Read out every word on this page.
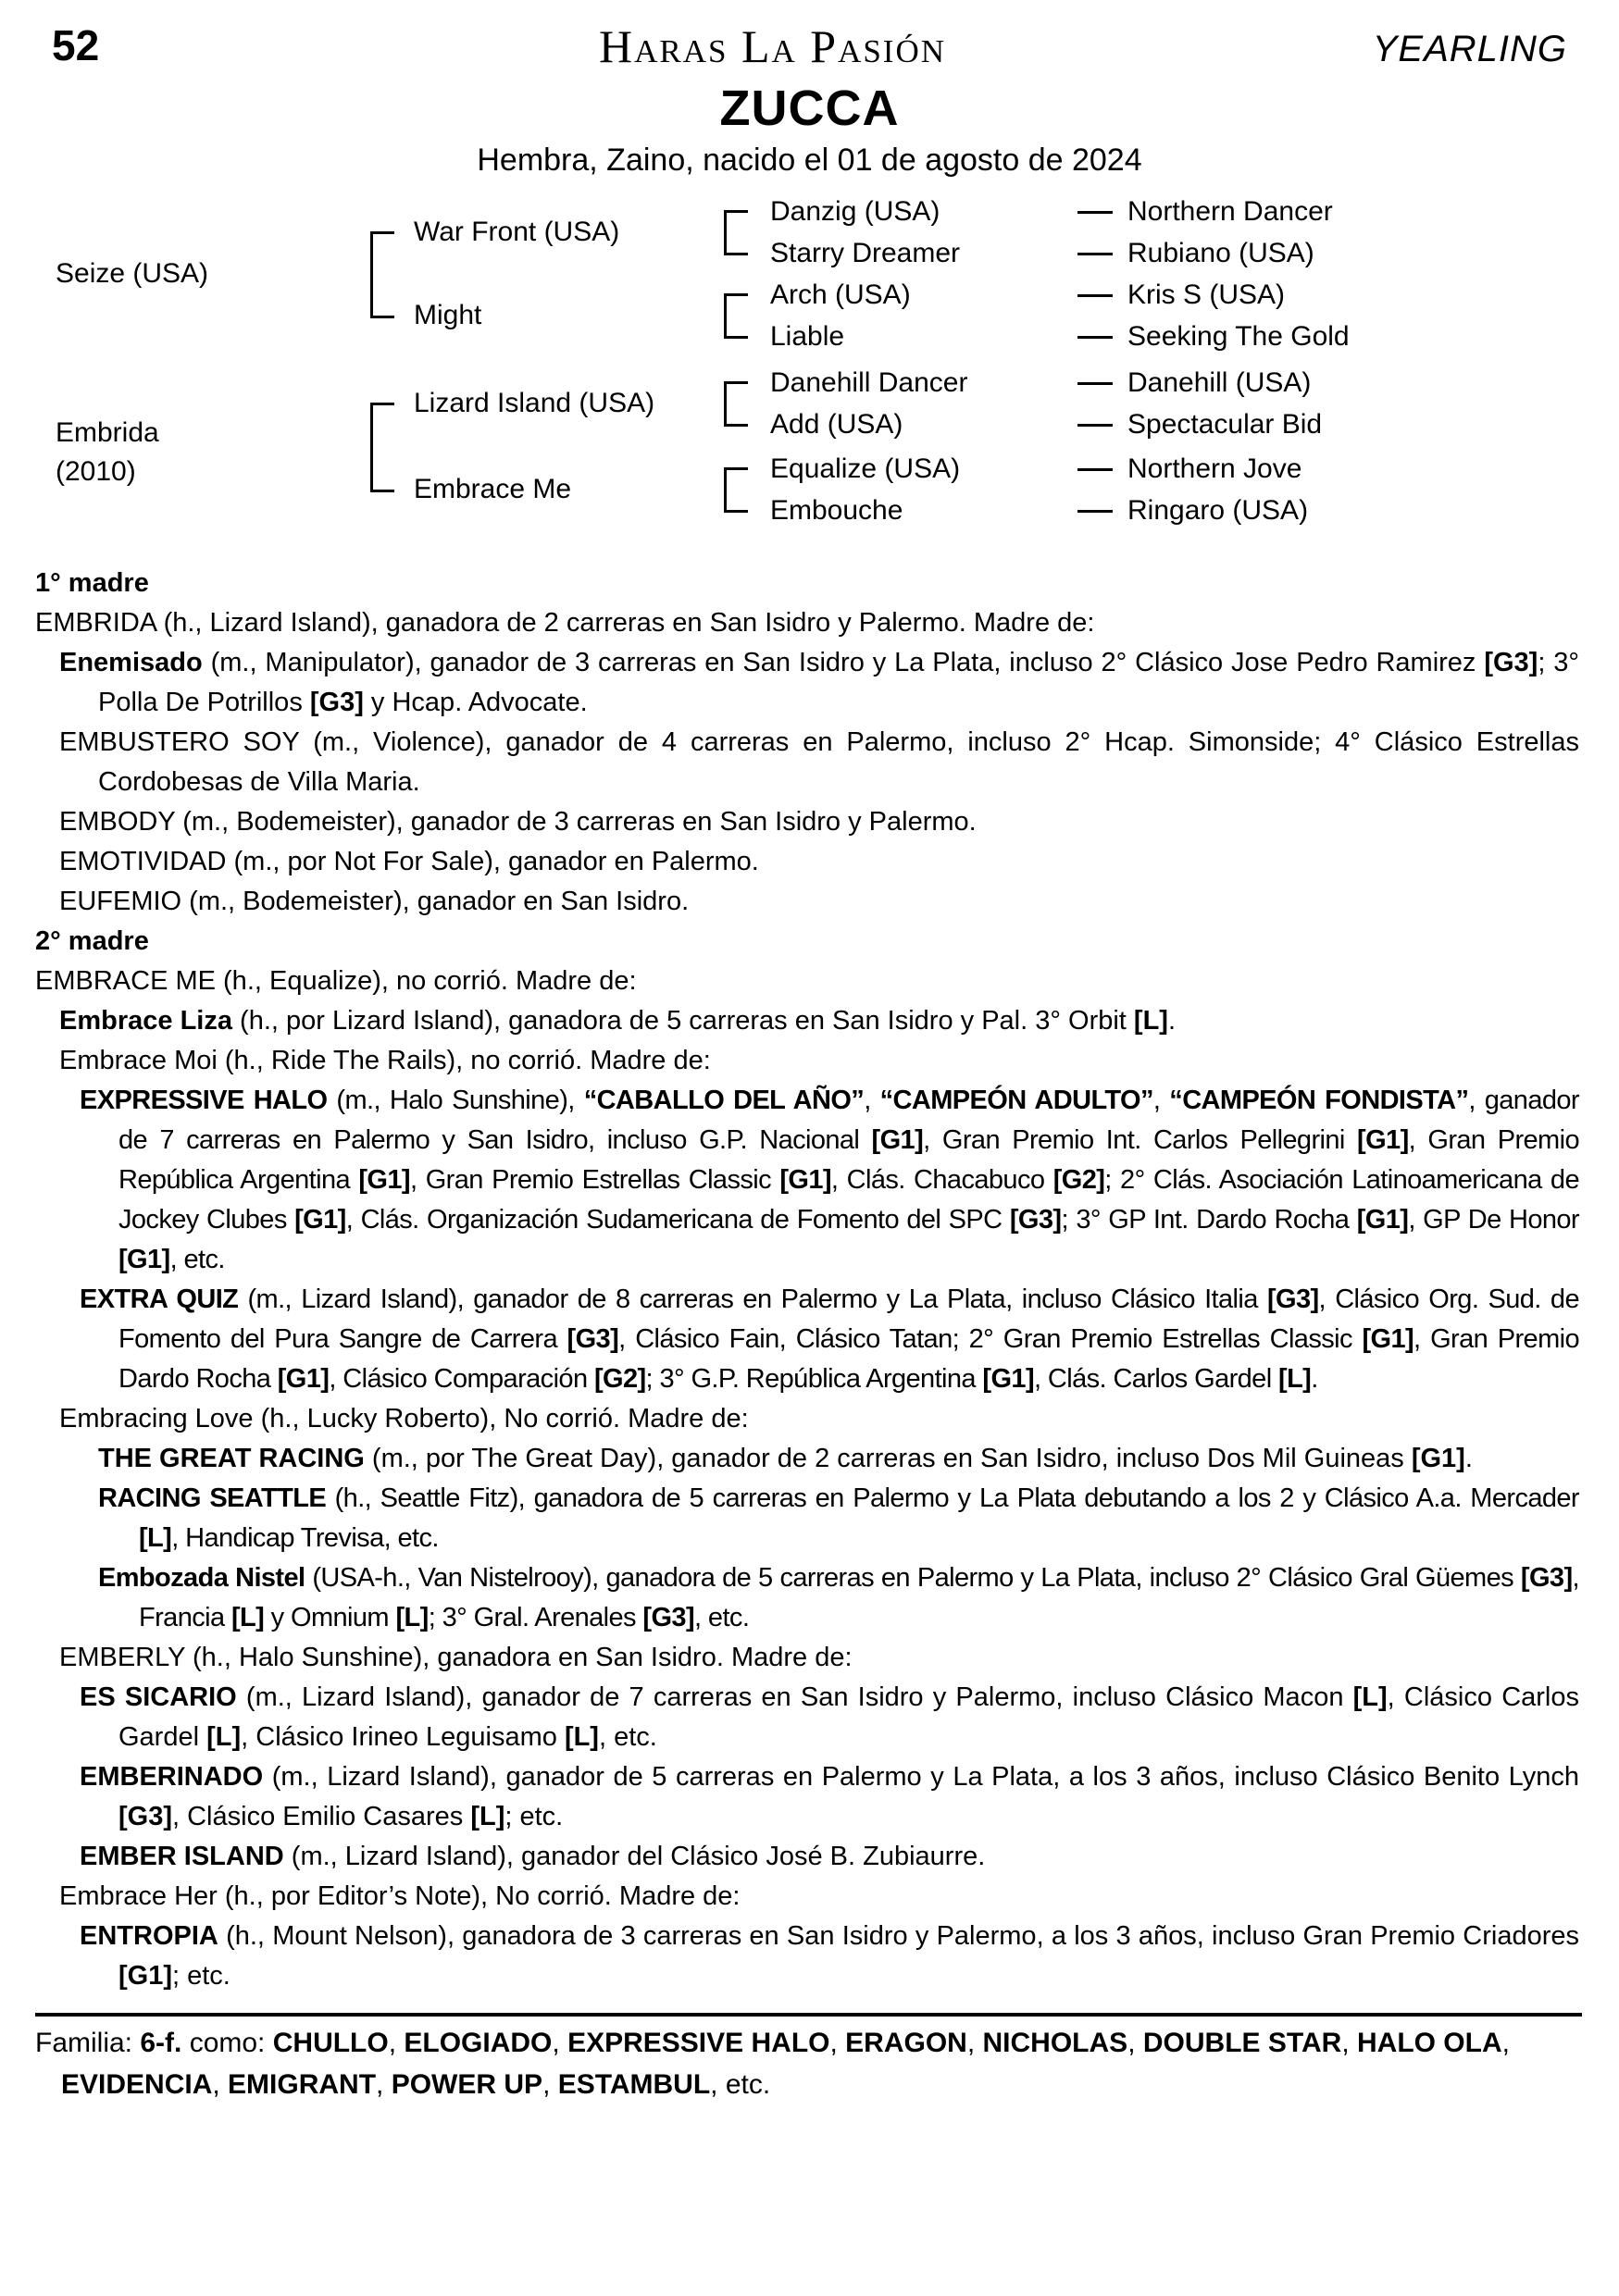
52	Haras La Pasión	YEARLING
ZUCCA
Hembra, Zaino, nacido el 01 de agosto de 2024
Seize (USA)
Embrida
(2010)
War Front (USA)
Might
Lizard Island (USA)
Embrace Me
Danzig (USA)
Starry Dreamer
Arch (USA)
Liable
Danehill Dancer
Add (USA)
Equalize (USA)
Embouche
Northern Dancer
Rubiano (USA)
Kris S (USA)
Seeking The Gold
Danehill (USA)
Spectacular Bid
Northern Jove
Ringaro (USA)

1° madre

EMBRIDA (h., Lizard Island), ganadora de 2 carreras en San Isidro y Palermo. Madre de:

Enemisado (m., Manipulator), ganador de 3 carreras en San Isidro y La Plata, incluso 2° Clásico Jose Pedro Ramirez [G3]; 3° Polla De Potrillos [G3] y Hcap. Advocate.

EMBUSTERO SOY (m., Violence), ganador de 4 carreras en Palermo, incluso 2° Hcap. Simonside; 4° Clásico Estrellas Cordobesas de Villa Maria.

EMBODY (m., Bodemeister), ganador de 3 carreras en San Isidro y Palermo.

EMOTIVIDAD (m., por Not For Sale), ganador en Palermo.

EUFEMIO (m., Bodemeister), ganador en San Isidro.

2° madre

EMBRACE ME (h., Equalize), no corrió. Madre de:

Embrace Liza (h., por Lizard Island), ganadora de 5 carreras en San Isidro y Pal. 3° Orbit [L].

Embrace Moi (h., Ride The Rails), no corrió. Madre de:

EXPRESSIVE HALO (m., Halo Sunshine), “CABALLO DEL AÑO”, “CAMPEÓN ADULTO”, “CAMPEÓN FONDISTA”, ganador de 7 carreras en Palermo y San Isidro, incluso G.P. Nacional [G1], Gran Premio Int. Carlos Pellegrini [G1], Gran Premio República Argentina [G1], Gran Premio Estrellas Classic [G1], Clás. Chacabuco [G2]; 2° Clás. Asociación Latinoamericana de Jockey Clubes [G1], Clás. Organización Sudamericana de Fomento del SPC [G3]; 3° GP Int. Dardo Rocha [G1], GP De Honor [G1], etc.

EXTRA QUIZ (m., Lizard Island), ganador de 8 carreras en Palermo y La Plata, incluso Clásico Italia [G3], Clásico Org. Sud. de Fomento del Pura Sangre de Carrera [G3], Clásico Fain, Clásico Tatan; 2° Gran Premio Estrellas Classic [G1], Gran Premio Dardo Rocha [G1], Clásico Comparación [G2]; 3° G.P. República Argentina [G1], Clás. Carlos Gardel [L].

Embracing Love (h., Lucky Roberto), No corrió. Madre de:

THE GREAT RACING (m., por The Great Day), ganador de 2 carreras en San Isidro, incluso Dos Mil Guineas [G1].

RACING SEATTLE (h., Seattle Fitz), ganadora de 5 carreras en Palermo y La Plata debutando a los 2 y Clásico A.a. Mercader [L], Handicap Trevisa, etc.

Embozada Nistel (USA-h., Van Nistelrooy), ganadora de 5 carreras en Palermo y La Plata, incluso 2° Clásico Gral Güemes [G3], Francia [L] y Omnium [L]; 3° Gral. Arenales [G3], etc.

EMBERLY (h., Halo Sunshine), ganadora en San Isidro. Madre de:

ES SICARIO (m., Lizard Island), ganador de 7 carreras en San Isidro y Palermo, incluso Clásico Macon [L], Clásico Carlos Gardel [L], Clásico Irineo Leguisamo [L], etc.

EMBERINADO (m., Lizard Island), ganador de 5 carreras en Palermo y La Plata, a los 3 años, incluso Clásico Benito Lynch [G3], Clásico Emilio Casares [L]; etc.

EMBER ISLAND (m., Lizard Island), ganador del Clásico José B. Zubiaurre.

Embrace Her (h., por Editor’s Note), No corrió. Madre de:

ENTROPIA (h., Mount Nelson), ganadora de 3 carreras en San Isidro y Palermo, a los 3 años, incluso Gran Premio Criadores [G1]; etc.

Familia: 6-f. como: CHULLO, ELOGIADO, EXPRESSIVE HALO, ERAGON, NICHOLAS, DOUBLE STAR, HALO OLA, EVIDENCIA, EMIGRANT, POWER UP, ESTAMBUL, etc.
